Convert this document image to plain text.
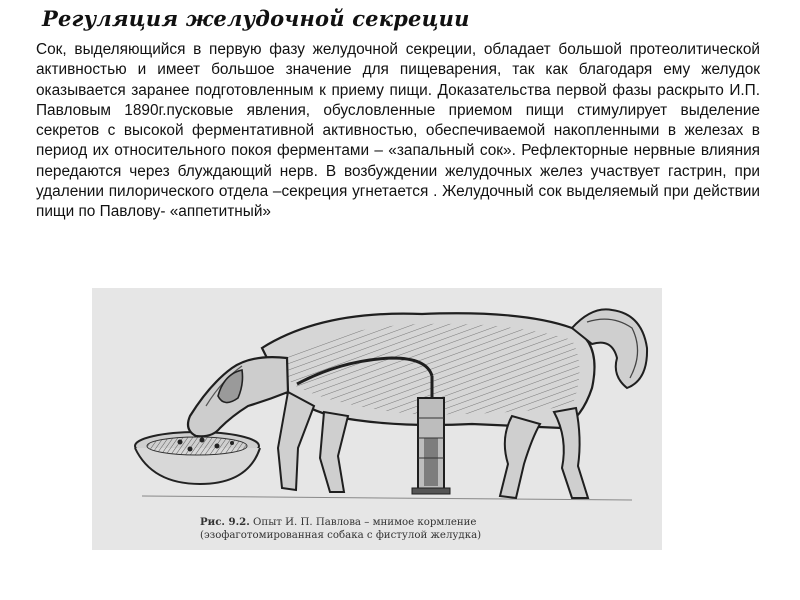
Регуляция желудочной секреции

Сок, выделяющийся в первую фазу желудочной секреции, обладает большой протеолитической активностью и имеет большое значение для пищеварения, так как благодаря ему желудок оказывается заранее подготовленным к приему пищи. Доказательства первой фазы раскрыто И.П. Павловым 1890г.пусковые явления, обусловленные приемом пищи стимулирует выделение секретов с высокой ферментативной активностью, обеспечиваемой накопленными в железах в период их относительного покоя ферментами – «запальный сок». Рефлекторные нервные влияния передаются через блуждающий нерв. В возбуждении желудочных желез участвует гастрин, при удалении пилорического отдела –секреция угнетается . Желудочный сок выделяемый при действии пищи по Павлову- «аппетитный»

Рис. 9.2. Опыт И. П. Павлова – мнимое кормление
(эзофаготомированная собака с фистулой желудка)
